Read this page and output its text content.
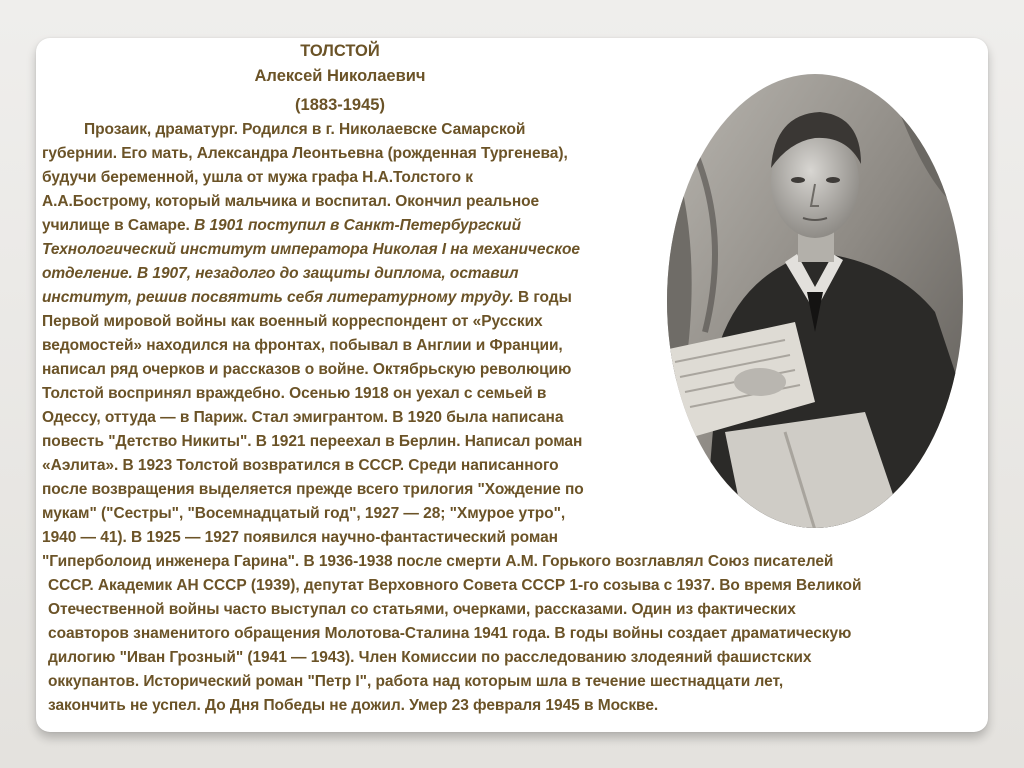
ТОЛСТОЙ
Алексей Николаевич
(1883-1945)
Прозаик, драматург. Родился в г. Николаевске Самарской
губернии. Его мать, Александра Леонтьевна (рожденная Тургенева),
будучи беременной, ушла от мужа графа Н.А.Толстого к
А.А.Бострому, который мальчика и воспитал. Окончил реальное
училище в Самаре. В 1901 поступил в Санкт-Петербургский
Технологический институт императора Николая I на механическое
отделение. В 1907, незадолго до защиты диплома, оставил
институт, решив посвятить себя литературному труду. В годы
Первой мировой войны как военный корреспондент от «Русских
ведомостей» находился на фронтах, побывал в Англии и Франции,
написал ряд очерков и рассказов о войне. Октябрьскую революцию
Толстой воспринял враждебно. Осенью 1918 он уехал с семьей в
Одессу, оттуда — в Париж. Стал эмигрантом. В 1920 была написана
повесть "Детство Никиты". В 1921 переехал в Берлин. Написал роман
«Аэлита». В 1923 Толстой возвратился в СССР. Среди написанного
после возвращения выделяется прежде всего трилогия "Хождение по
мукам" ("Сестры", "Восемнадцатый год", 1927 — 28; "Хмурое утро",
1940 — 41). В 1925 — 1927 появился научно-фантастический роман
"Гиперболоид инженера Гарина". В 1936-1938 после смерти А.М. Горького возглавлял Союз писателей
СССР. Академик АН СССР (1939), депутат Верховного Совета СССР 1-го созыва с 1937. Во время Великой
Отечественной войны часто выступал со статьями, очерками, рассказами. Один из фактических
соавторов знаменитого обращения Молотова-Сталина 1941 года. В годы войны создает драматическую
дилогию "Иван Грозный" (1941 — 1943). Член Комиссии по расследованию злодеяний фашистских
оккупантов. Исторический роман "Петр I", работа над которым шла в течение шестнадцати лет,
закончить не успел. До Дня Победы не дожил. Умер 23 февраля 1945 в Москве.
